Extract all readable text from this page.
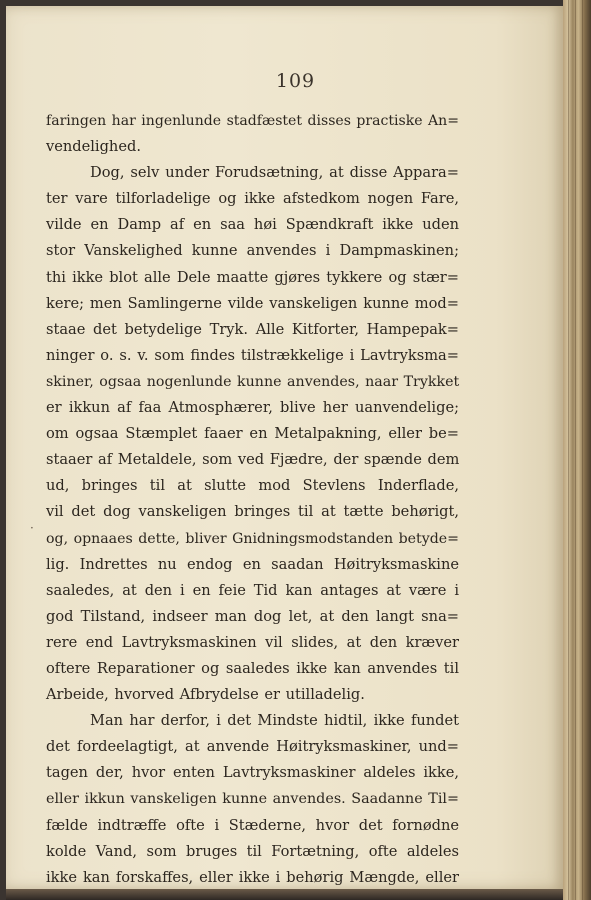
109
·

faringen har ingenlunde stadfæstet disses practiske An=

vendelighed.

Dog, selv under Forudsætning, at disse Appara=

ter vare tilforladelige og ikke afstedkom nogen Fare,

vilde en Damp af en saa høi Spændkraft ikke uden

stor Vanskelighed kunne anvendes i Dampmaskinen;

thi ikke blot alle Dele maatte gjøres tykkere og stær=

kere; men Samlingerne vilde vanskeligen kunne mod=

staae det betydelige Tryk. Alle Kitforter, Hampepak=

ninger o. s. v. som findes tilstrækkelige i Lavtryksma=

skiner, ogsaa nogenlunde kunne anvendes, naar Trykket

er ikkun af faa Atmosphærer, blive her uanvendelige;

om ogsaa Stæmplet faaer en Metalpakning, eller be=

staaer af Metaldele, som ved Fjædre, der spænde dem

ud, bringes til at slutte mod Stevlens Inderflade,

vil det dog vanskeligen bringes til at tætte behørigt,

og, opnaaes dette, bliver Gnidningsmodstanden betyde=

lig. Indrettes nu endog en saadan Høitryksmaskine

saaledes, at den i en feie Tid kan antages at være i

god Tilstand, indseer man dog let, at den langt sna=

rere end Lavtryksmaskinen vil slides, at den kræver

oftere Reparationer og saaledes ikke kan anvendes til

Arbeide, hvorved Afbrydelse er utilladelig.

Man har derfor, i det Mindste hidtil, ikke fundet

det fordeelagtigt, at anvende Høitryksmaskiner, und=

tagen der, hvor enten Lavtryksmaskiner aldeles ikke,

eller ikkun vanskeligen kunne anvendes. Saadanne Til=

fælde indtræffe ofte i Stæderne, hvor det fornødne

kolde Vand, som bruges til Fortætning, ofte aldeles

ikke kan forskaffes, eller ikke i behørig Mængde, eller
